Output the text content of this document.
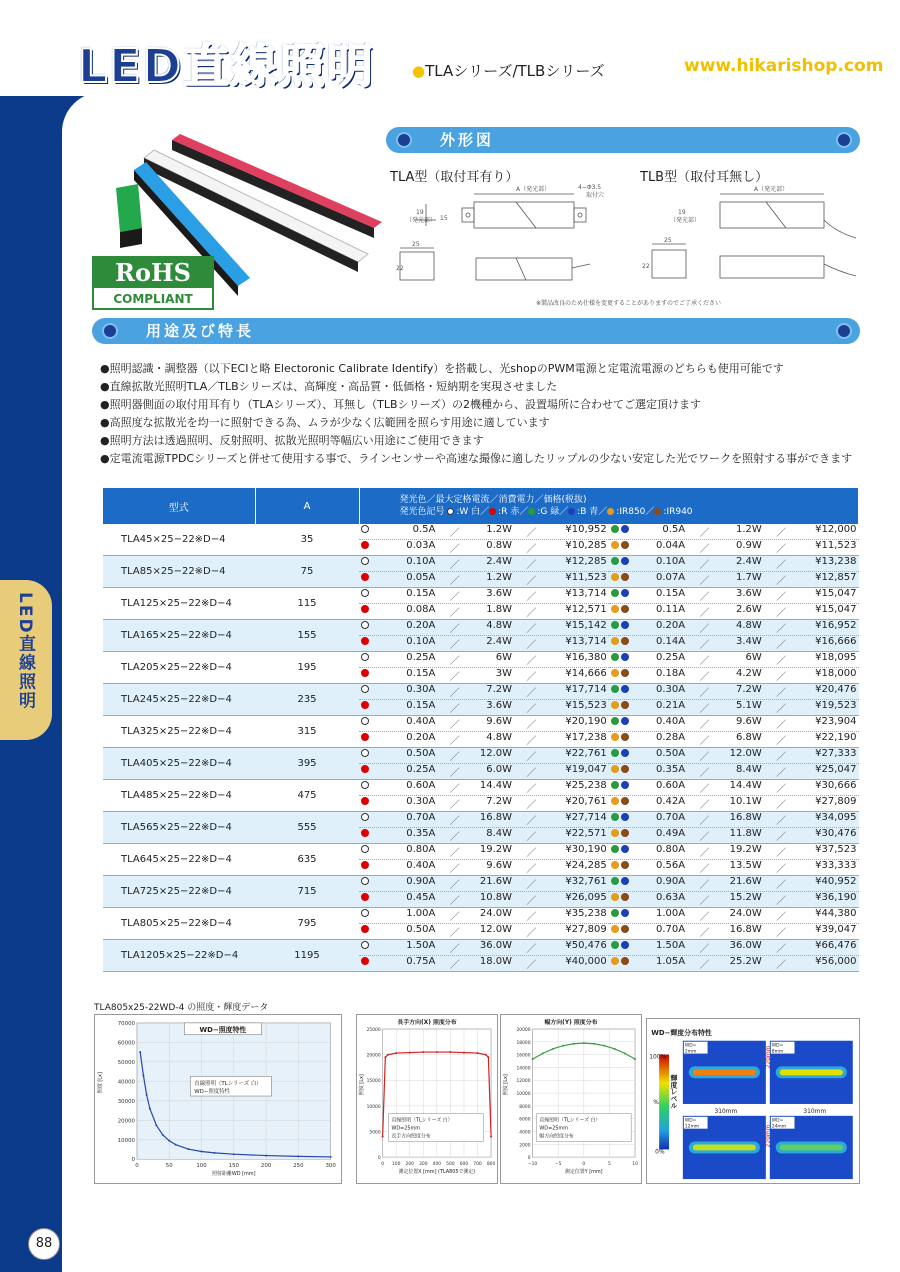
LED直線照明 ●TLAシリーズ/TLBシリーズ	www.hikarishop.com
LED直線照明
88
RoHS
COMPLIANT
外形図
TLA型（取付耳有り）	TLB型（取付耳無し）
A（発光部）	4−Φ3.5
取付穴
19
（発光部） 15
25
22
A（発光部）
19
（発光部）
25
22
※製品改良のため仕様を変更することがありますのでご了承ください
用途及び特長
●照明認識・調整器（以下ECIと略 Electoronic Calibrate Identify）を搭載し、光shopのPWM電源と定電流電源のどちらも使用可能です
●直線拡散光照明TLA／TLBシリーズは、高輝度・高品質・低価格・短納期を実現させました
●照明器側面の取付用耳有り（TLAシリーズ）、耳無し（TLBシリーズ）の2機種から、設置場所に合わせてご選定頂けます
●高照度な拡散光を均一に照射できる為、ムラが少なく広範囲を照らす用途に適しています
●照明方法は透過照明、反射照明、拡散光照明等幅広い用途にご使用できます
●定電流電源TPDCシリーズと併せて使用する事で、ラインセンサーや高速な撮像に適したリップルの少ない安定した光でワークを照射する事ができます
型式	A	発光色／最大定格電流／消費電力／価格(税抜)
発光色記号 :W 白／ :R 赤／ :G 緑／ :B 青／ :IR850／ :IR940	

TLA45×25−22※D−4	35	0.5A ／ 1.2W ／ ¥10,952	0.5A ／ 1.2W ／ ¥12,000

		0.03A ／ 0.8W ／ ¥10,285	0.04A ／ 0.9W ／ ¥11,523

TLA85×25−22※D−4	75	0.10A ／ 2.4W ／ ¥12,285	0.10A ／ 2.4W ／ ¥13,238

		0.05A ／ 1.2W ／ ¥11,523	0.07A ／ 1.7W ／ ¥12,857

TLA125×25−22※D−4	115	0.15A ／ 3.6W ／ ¥13,714	0.15A ／ 3.6W ／ ¥15,047

		0.08A ／ 1.8W ／ ¥12,571	0.11A ／ 2.6W ／ ¥15,047

TLA165×25−22※D−4	155	0.20A ／ 4.8W ／ ¥15,142	0.20A ／ 4.8W ／ ¥16,952

		0.10A ／ 2.4W ／ ¥13,714	0.14A ／ 3.4W ／ ¥16,666

TLA205×25−22※D−4	195	0.25A ／ 6W ／ ¥16,380	0.25A ／ 6W ／ ¥18,095

		0.15A ／ 3W ／ ¥14,666	0.18A ／ 4.2W ／ ¥18,000

TLA245×25−22※D−4	235	0.30A ／ 7.2W ／ ¥17,714	0.30A ／ 7.2W ／ ¥20,476

		0.15A ／ 3.6W ／ ¥15,523	0.21A ／ 5.1W ／ ¥19,523

TLA325×25−22※D−4	315	0.40A ／ 9.6W ／ ¥20,190	0.40A ／ 9.6W ／ ¥23,904

		0.20A ／ 4.8W ／ ¥17,238	0.28A ／ 6.8W ／ ¥22,190

TLA405×25−22※D−4	395	0.50A ／ 12.0W ／ ¥22,761	0.50A ／ 12.0W ／ ¥27,333

		0.25A ／ 6.0W ／ ¥19,047	0.35A ／ 8.4W ／ ¥25,047

TLA485×25−22※D−4	475	0.60A ／ 14.4W ／ ¥25,238	0.60A ／ 14.4W ／ ¥30,666

		0.30A ／ 7.2W ／ ¥20,761	0.42A ／ 10.1W ／ ¥27,809

TLA565×25−22※D−4	555	0.70A ／ 16.8W ／ ¥27,714	0.70A ／ 16.8W ／ ¥34,095

		0.35A ／ 8.4W ／ ¥22,571	0.49A ／ 11.8W ／ ¥30,476

TLA645×25−22※D−4	635	0.80A ／ 19.2W ／ ¥30,190	0.80A ／ 19.2W ／ ¥37,523

		0.40A ／ 9.6W ／ ¥24,285	0.56A ／ 13.5W ／ ¥33,333

TLA725×25−22※D−4	715	0.90A ／ 21.6W ／ ¥32,761	0.90A ／ 21.6W ／ ¥40,952

		0.45A ／ 10.8W ／ ¥26,095	0.63A ／ 15.2W ／ ¥36,190

TLA805×25−22※D−4	795	1.00A ／ 24.0W ／ ¥35,238	1.00A ／ 24.0W ／ ¥44,380

		0.50A ／ 12.0W ／ ¥27,809	0.70A ／ 16.8W ／ ¥39,047

TLA1205×25−22※D−4	1195	1.50A ／ 36.0W ／ ¥50,476	1.50A ／ 36.0W ／ ¥66,476

		0.75A ／ 18.0W ／ ¥40,000	1.05A ／ 25.2W ／ ¥56,000
TLA805x25-22WD-4 の照度・輝度データ
0
10000
20000
30000
40000
50000
60000
70000
0	50	100	150	200	250	300
照射距離WD [mm]
照度 [Lx]
WD−照度特性
直線照明（TLシリーズ 白）
WD−照度特性
長手方向(X) 照度分布
0
5000
10000
15000
20000
25000
0 100 200 300 400 500 600 700 800
測定位置X [mm] (TLA805で測定)
照度 [Lx]
直線照明（TLシリーズ 白）
WD=25mm
長手方向照度分布
幅方向(Y) 照度分布
0
2000
4000
6000
8000
10000
12000
14000
16000
18000
20000
−10	−5	0	5	10
測定位置Y [mm]
照度 [Lx]
直線照明（TLシリーズ 白）
WD=25mm
幅方向照度分布
WD−輝度分布特性
100%
%
0%
輝度レベル
WD=
2mm
WD=
8mm
WD=
12mm
WD=
24mm
310mm	310mm
220mm
220mm
